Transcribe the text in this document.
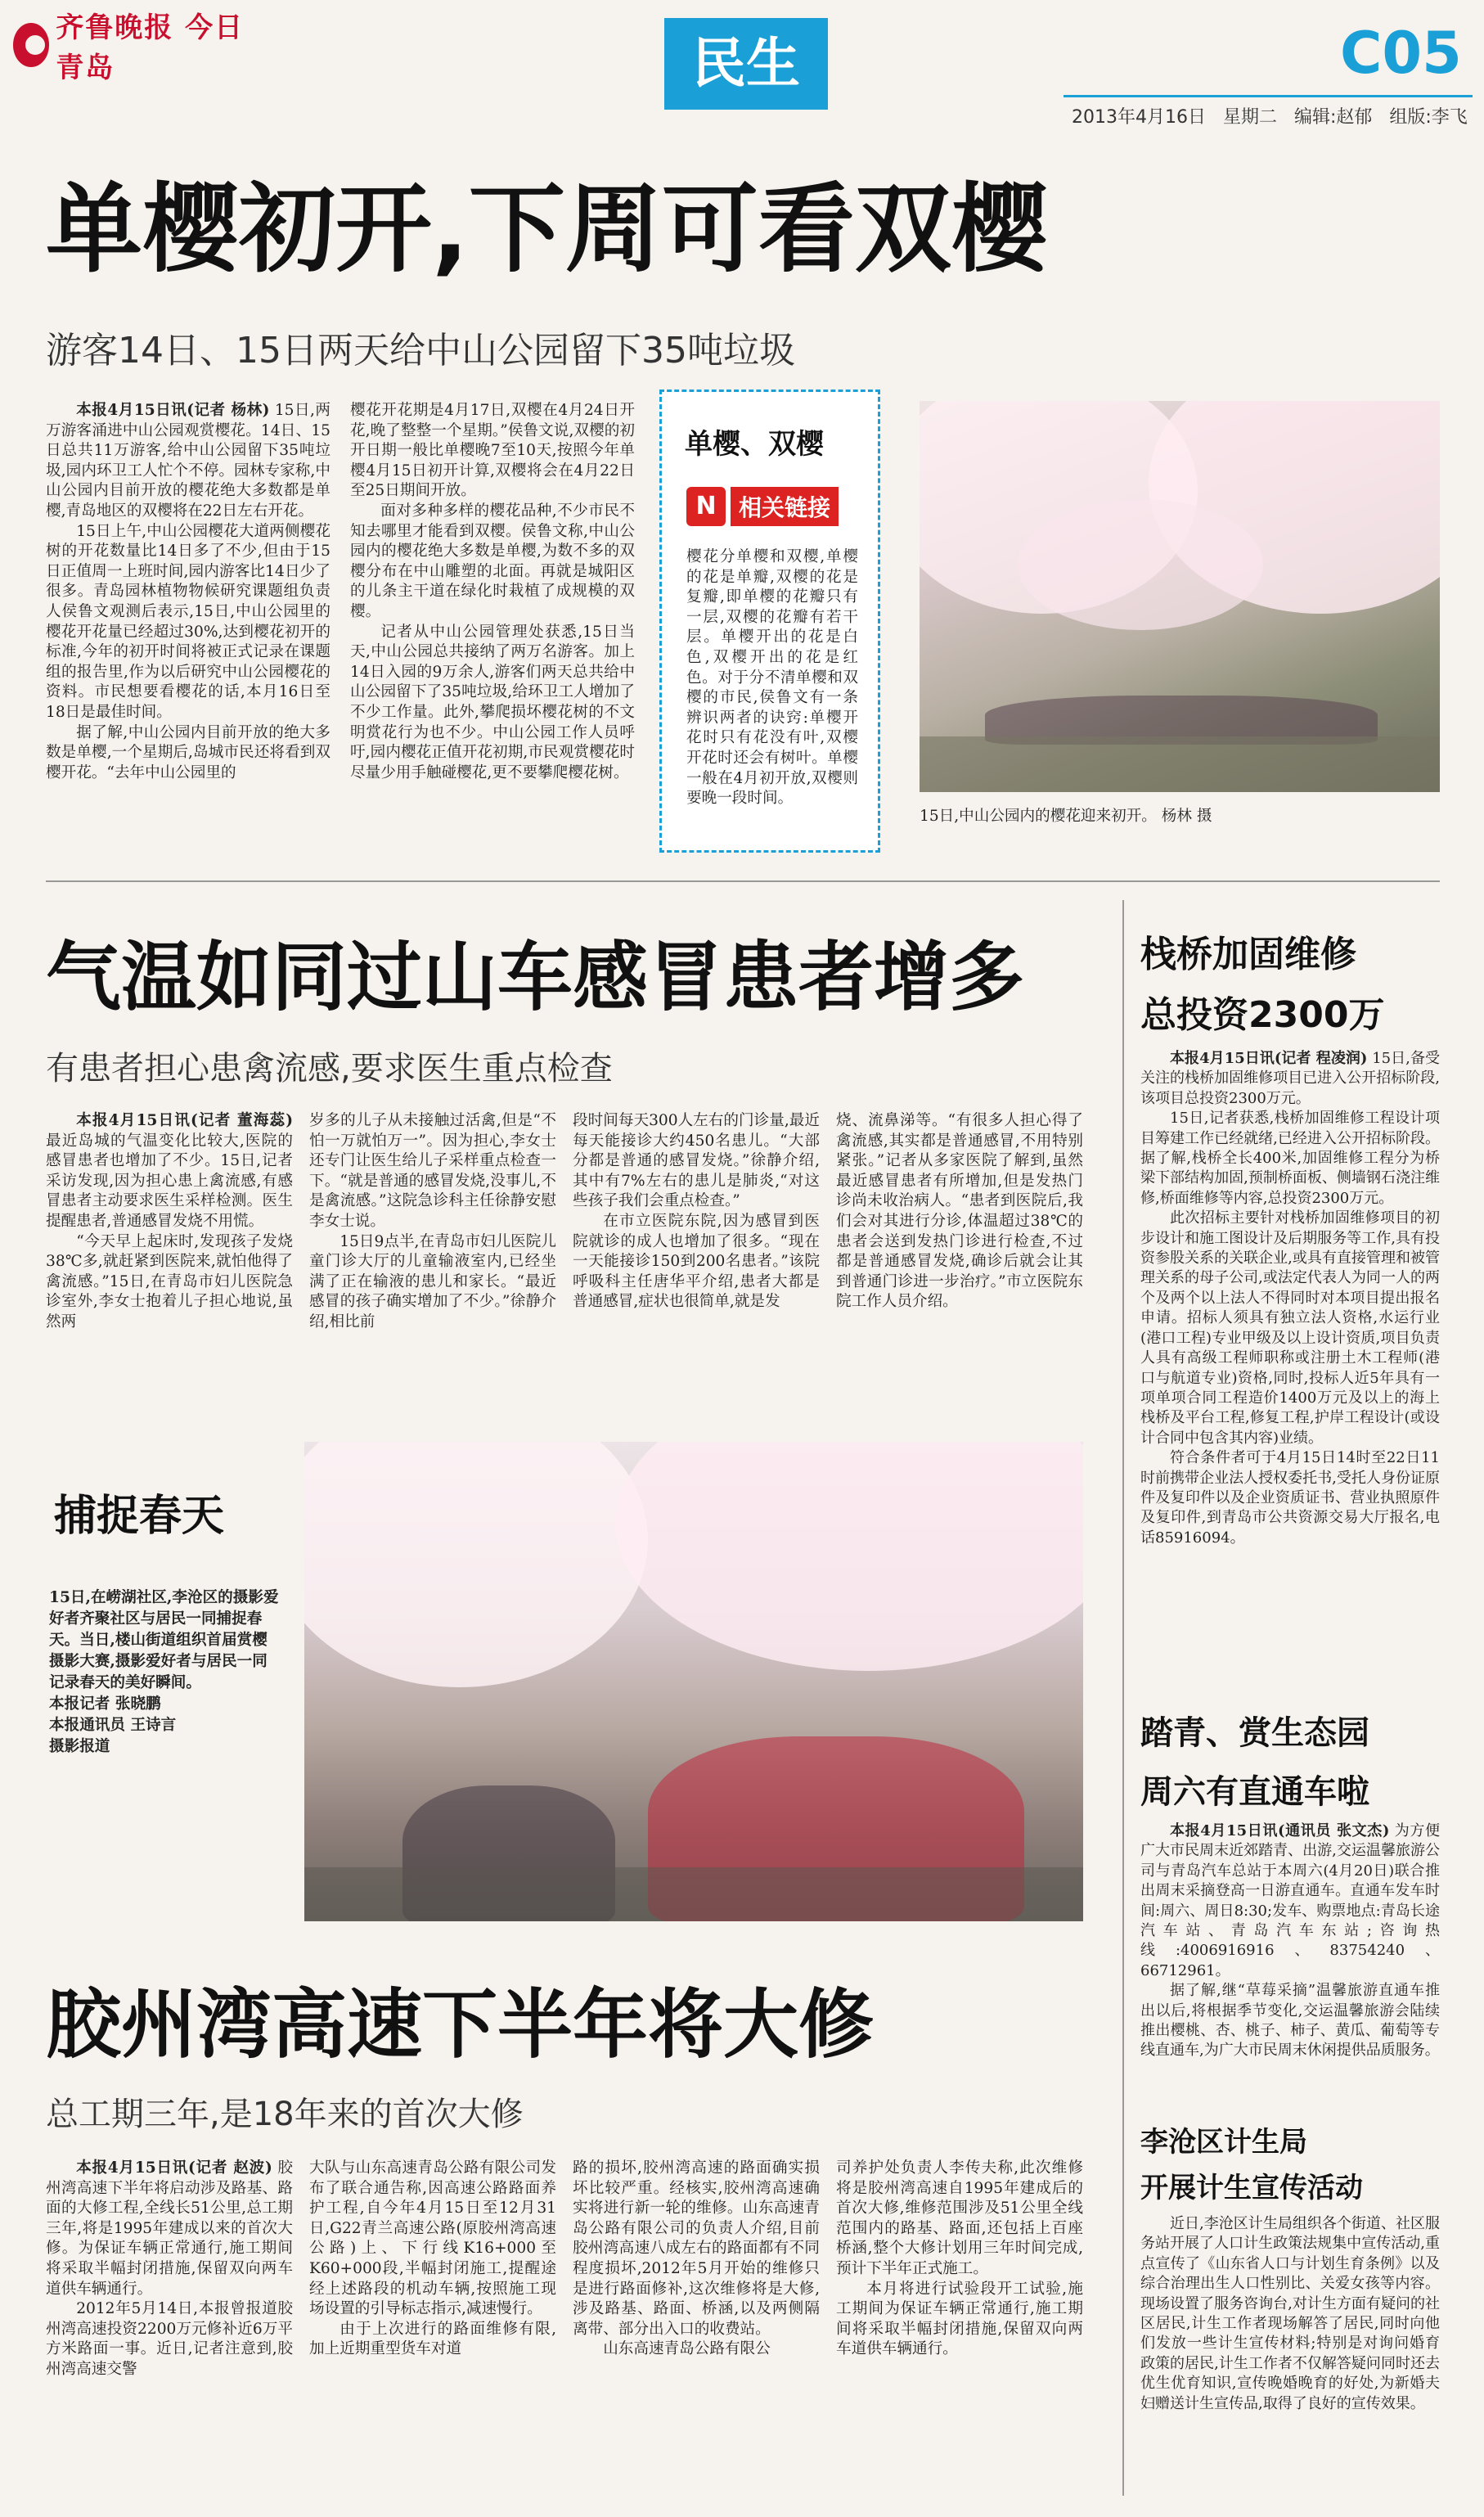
齐鲁晚报 今日青岛	民生	C05
2013年4月16日 星期二 编辑:赵郁 组版:李飞
单樱初开,下周可看双樱
游客14日、15日两天给中山公园留下35吨垃圾

本报4月15日讯(记者 杨林) 15日,两万游客涌进中山公园观赏樱花。14日、15日总共11万游客,给中山公园留下35吨垃圾,园内环卫工人忙个不停。园林专家称,中山公园内目前开放的樱花绝大多数都是单樱,青岛地区的双樱将在22日左右开花。

15日上午,中山公园樱花大道两侧樱花树的开花数量比14日多了不少,但由于15日正值周一上班时间,园内游客比14日少了很多。青岛园林植物物候研究课题组负责人侯鲁文观测后表示,15日,中山公园里的樱花开花量已经超过30%,达到樱花初开的标准,今年的初开时间将被正式记录在课题组的报告里,作为以后研究中山公园樱花的资料。市民想要看樱花的话,本月16日至18日是最佳时间。

据了解,中山公园内目前开放的绝大多数是单樱,一个星期后,岛城市民还将看到双樱开花。“去年中山公园里的

樱花开花期是4月17日,双樱在4月24日开花,晚了整整一个星期。”侯鲁文说,双樱的初开日期一般比单樱晚7至10天,按照今年单樱4月15日初开计算,双樱将会在4月22日至25日期间开放。

面对多种多样的樱花品种,不少市民不知去哪里才能看到双樱。侯鲁文称,中山公园内的樱花绝大多数是单樱,为数不多的双樱分布在中山雕塑的北面。再就是城阳区的儿条主干道在绿化时栽植了成规模的双樱。

记者从中山公园管理处获悉,15日当天,中山公园总共接纳了两万名游客。加上14日入园的9万余人,游客们两天总共给中山公园留下了35吨垃圾,给环卫工人增加了不少工作量。此外,攀爬损坏樱花树的不文明赏花行为也不少。中山公园工作人员呼吁,园内樱花正值开花初期,市民观赏樱花时尽量少用手触碰樱花,更不要攀爬樱花树。

单樱、双樱
N 相关链接
樱花分单樱和双樱,单樱的花是单瓣,双樱的花是复瓣,即单樱的花瓣只有一层,双樱的花瓣有若干层。单樱开出的花是白色,双樱开出的花是红色。对于分不清单樱和双樱的市民,侯鲁文有一条辨识两者的诀窍:单樱开花时只有花没有叶,双樱开花时还会有树叶。单樱一般在4月初开放,双樱则要晚一段时间。
15日,中山公园内的樱花迎来初开。 杨林 摄
气温如同过山车感冒患者增多
有患者担心患禽流感,要求医生重点检查

本报4月15日讯(记者 董海蕊) 最近岛城的气温变化比较大,医院的感冒患者也增加了不少。15日,记者采访发现,因为担心患上禽流感,有感冒患者主动要求医生采样检测。医生提醒患者,普通感冒发烧不用慌。

“今天早上起床时,发现孩子发烧38℃多,就赶紧到医院来,就怕他得了禽流感。”15日,在青岛市妇儿医院急诊室外,李女士抱着儿子担心地说,虽然两

岁多的儿子从未接触过活禽,但是“不怕一万就怕万一”。因为担心,李女士还专门让医生给儿子采样重点检查一下。“就是普通的感冒发烧,没事儿,不是禽流感。”这院急诊科主任徐静安慰李女士说。

15日9点半,在青岛市妇儿医院儿童门诊大厅的儿童输液室内,已经坐满了正在输液的患儿和家长。“最近感冒的孩子确实增加了不少。”徐静介绍,相比前

段时间每天300人左右的门诊量,最近每天能接诊大约450名患儿。“大部分都是普通的感冒发烧。”徐静介绍,其中有7%左右的患儿是肺炎,“对这些孩子我们会重点检查。”

在市立医院东院,因为感冒到医院就诊的成人也增加了很多。“现在一天能接诊150到200名患者。”该院呼吸科主任唐华平介绍,患者大都是普通感冒,症状也很简单,就是发

烧、流鼻涕等。“有很多人担心得了禽流感,其实都是普通感冒,不用特别紧张。”记者从多家医院了解到,虽然最近感冒患者有所增加,但是发热门诊尚未收治病人。“患者到医院后,我们会对其进行分诊,体温超过38℃的患者会送到发热门诊进行检查,不过都是普通感冒发烧,确诊后就会让其到普通门诊进一步治疗。”市立医院东院工作人员介绍。

捕捉春天
15日,在崂湖社区,李沧区的摄影爱好者齐聚社区与居民一同捕捉春天。当日,楼山街道组织首届赏樱摄影大赛,摄影爱好者与居民一同记录春天的美好瞬间。
本报记者 张晓鹏
本报通讯员 王诗言
摄影报道
胶州湾高速下半年将大修
总工期三年,是18年来的首次大修

本报4月15日讯(记者 赵波) 胶州湾高速下半年将启动涉及路基、路面的大修工程,全线长51公里,总工期三年,将是1995年建成以来的首次大修。为保证车辆正常通行,施工期间将采取半幅封闭措施,保留双向两车道供车辆通行。

2012年5月14日,本报曾报道胶州湾高速投资2200万元修补近6万平方米路面一事。近日,记者注意到,胶州湾高速交警

大队与山东高速青岛公路有限公司发布了联合通告称,因高速公路路面养护工程,自今年4月15日至12月31日,G22青兰高速公路(原胶州湾高速公路)上、下行线K16+000至K60+000段,半幅封闭施工,提醒途经上述路段的机动车辆,按照施工现场设置的引导标志指示,减速慢行。

由于上次进行的路面维修有限,加上近期重型货车对道

路的损坏,胶州湾高速的路面确实损坏比较严重。经核实,胶州湾高速确实将进行新一轮的维修。山东高速青岛公路有限公司的负责人介绍,目前胶州湾高速八成左右的路面都有不同程度损坏,2012年5月开始的维修只是进行路面修补,这次维修将是大修,涉及路基、路面、桥涵,以及两侧隔离带、部分出入口的收费站。

山东高速青岛公路有限公

司养护处负责人李传夫称,此次维修将是胶州湾高速自1995年建成后的首次大修,维修范围涉及51公里全线范围内的路基、路面,还包括上百座桥涵,整个大修计划用三年时间完成,预计下半年正式施工。

本月将进行试验段开工试验,施工期间为保证车辆正常通行,施工期间将采取半幅封闭措施,保留双向两车道供车辆通行。

栈桥加固维修
总投资2300万

本报4月15日讯(记者 程凌润) 15日,备受关注的栈桥加固维修项目已进入公开招标阶段,该项目总投资2300万元。

15日,记者获悉,栈桥加固维修工程设计项目筹建工作已经就绪,已经进入公开招标阶段。据了解,栈桥全长400米,加固维修工程分为桥梁下部结构加固,预制桥面板、侧墙钢石浇注维修,桥面维修等内容,总投资2300万元。

此次招标主要针对栈桥加固维修项目的初步设计和施工图设计及后期服务等工作,具有投资参股关系的关联企业,或具有直接管理和被管理关系的母子公司,或法定代表人为同一人的两个及两个以上法人不得同时对本项目提出报名申请。招标人须具有独立法人资格,水运行业(港口工程)专业甲级及以上设计资质,项目负责人具有高级工程师职称或注册土木工程师(港口与航道专业)资格,同时,投标人近5年具有一项单项合同工程造价1400万元及以上的海上栈桥及平台工程,修复工程,护岸工程设计(或设计合同中包含其内容)业绩。

符合条件者可于4月15日14时至22日11时前携带企业法人授权委托书,受托人身份证原件及复印件以及企业资质证书、营业执照原件及复印件,到青岛市公共资源交易大厅报名,电话85916094。

踏青、赏生态园
周六有直通车啦

本报4月15日讯(通讯员 张文杰) 为方便广大市民周末近郊踏青、出游,交运温馨旅游公司与青岛汽车总站于本周六(4月20日)联合推出周末采摘登高一日游直通车。直通车发车时间:周六、周日8:30;发车、购票地点:青岛长途汽车站、青岛汽车东站;咨询热线:4006916916、83754240、66712961。

据了解,继“草莓采摘”温馨旅游直通车推出以后,将根据季节变化,交运温馨旅游会陆续推出樱桃、杏、桃子、柿子、黄瓜、葡萄等专线直通车,为广大市民周末休闲提供品质服务。

李沧区计生局
开展计生宣传活动

近日,李沧区计生局组织各个街道、社区服务站开展了人口计生政策法规集中宣传活动,重点宣传了《山东省人口与计划生育条例》以及综合治理出生人口性别比、关爱女孩等内容。现场设置了服务咨询台,对计生方面有疑问的社区居民,计生工作者现场解答了居民,同时向他们发放一些计生宣传材料;特别是对询问婚育政策的居民,计生工作者不仅解答疑问同时还去优生优育知识,宣传晚婚晚育的好处,为新婚夫妇赠送计生宣传品,取得了良好的宣传效果。
